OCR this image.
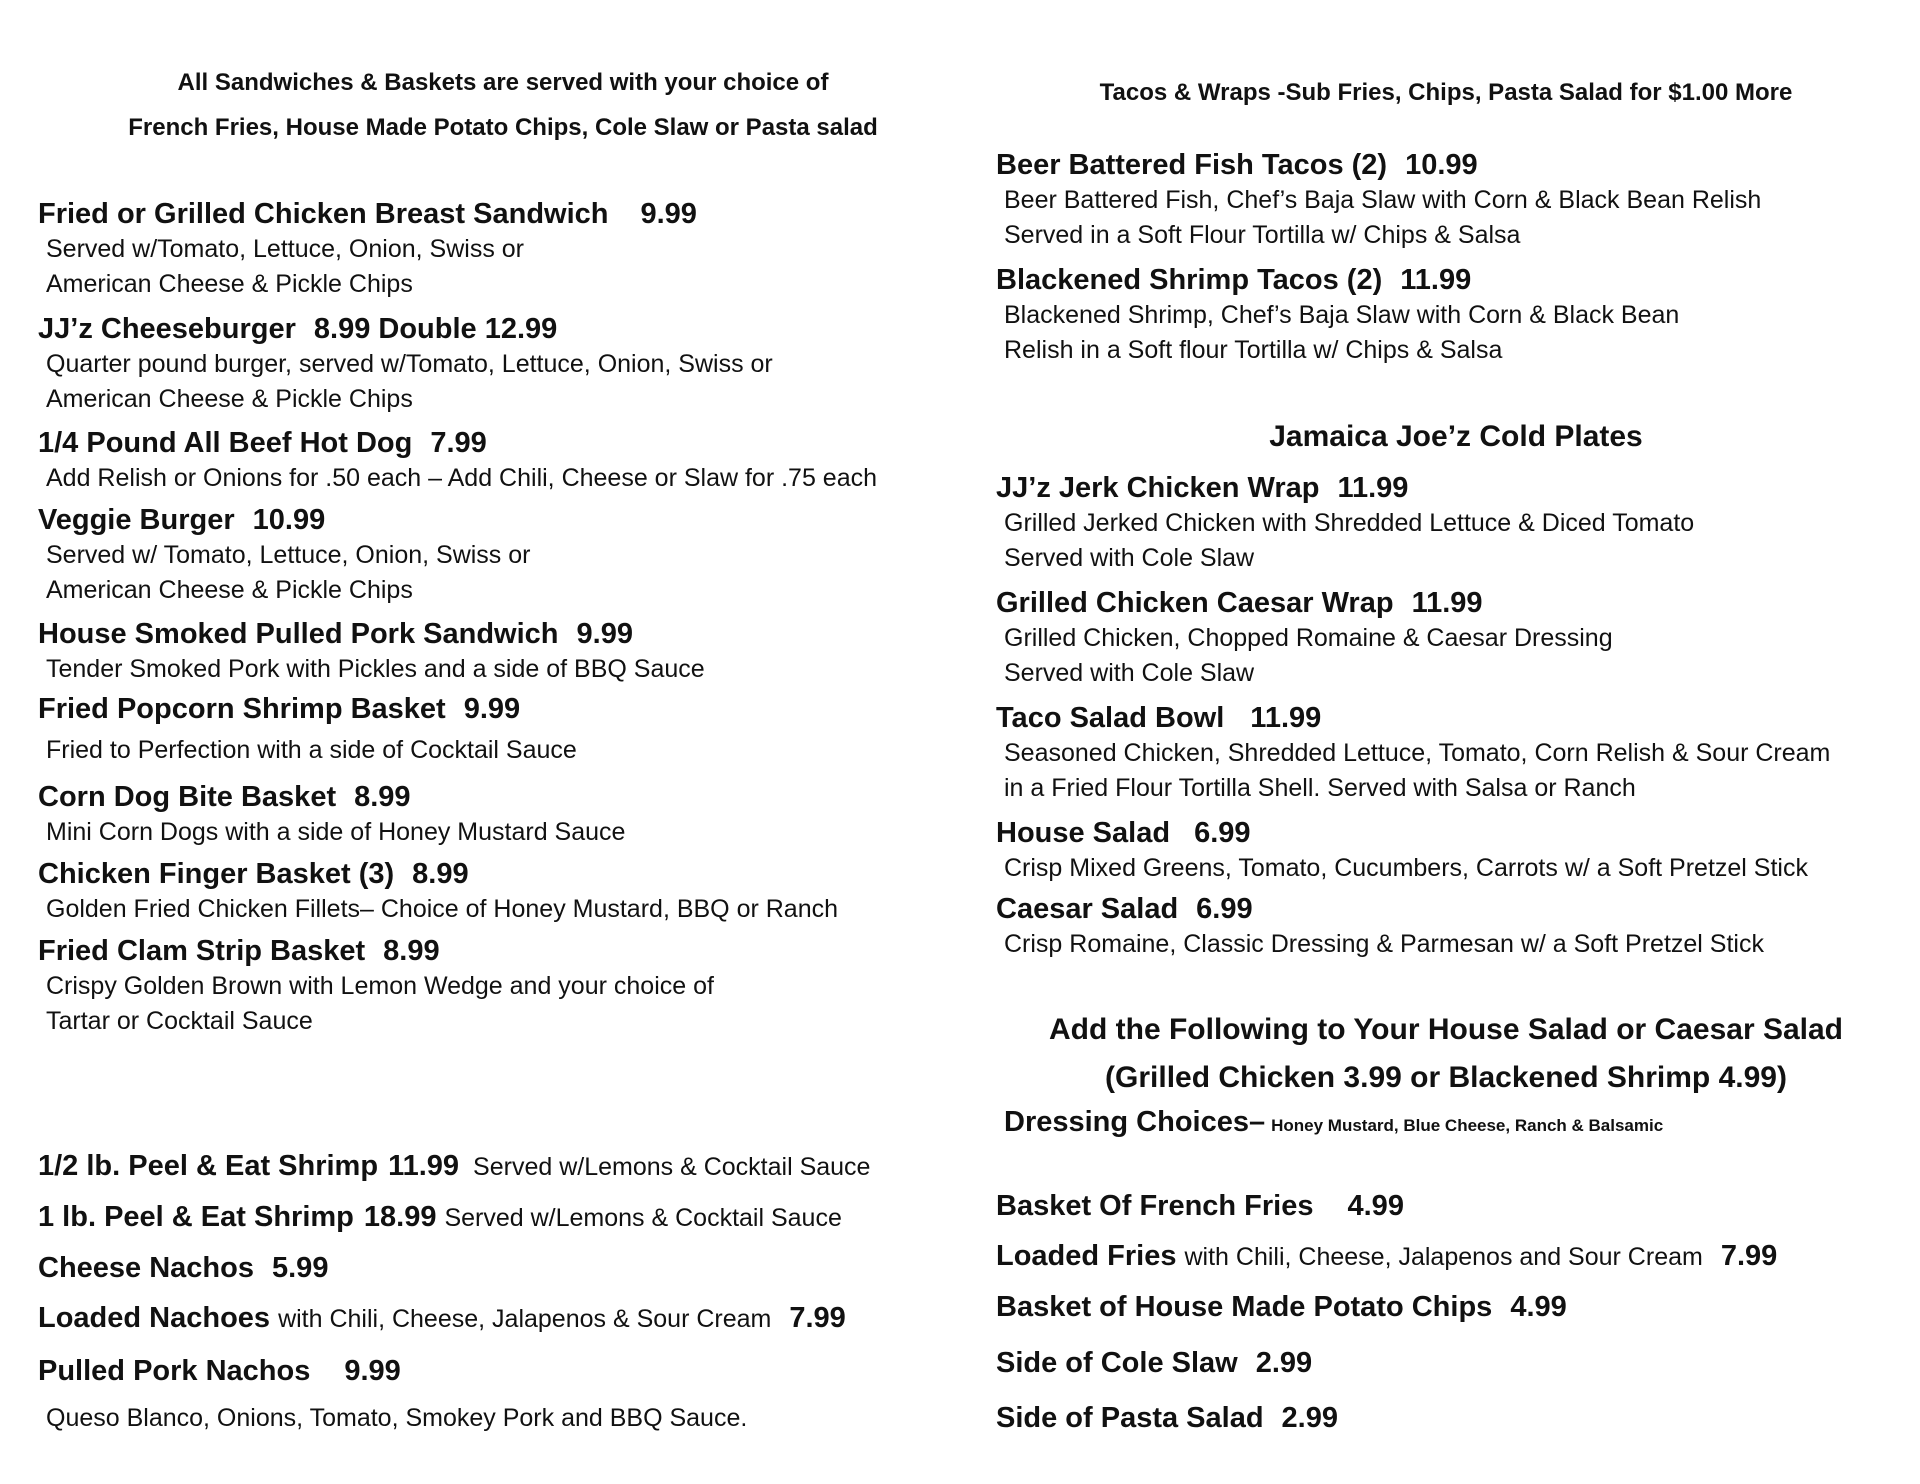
All Sandwiches & Baskets are served with your choice of
French Fries, House Made Potato Chips, Cole Slaw or Pasta salad
Fried or Grilled Chicken Breast Sandwich 9.99
Served w/Tomato, Lettuce, Onion, Swiss or
American Cheese & Pickle Chips
JJ’z Cheeseburger 8.99 Double 12.99
Quarter pound burger, served w/Tomato, Lettuce, Onion, Swiss or
American Cheese & Pickle Chips
1/4 Pound All Beef Hot Dog 7.99
Add Relish or Onions for .50 each – Add Chili, Cheese or Slaw for .75 each
Veggie Burger 10.99
Served w/ Tomato, Lettuce, Onion, Swiss or
American Cheese & Pickle Chips
House Smoked Pulled Pork Sandwich 9.99
Tender Smoked Pork with Pickles and a side of BBQ Sauce
Fried Popcorn Shrimp Basket 9.99
Fried to Perfection with a side of Cocktail Sauce
Corn Dog Bite Basket 8.99
Mini Corn Dogs with a side of Honey Mustard Sauce
Chicken Finger Basket (3) 8.99
Golden Fried Chicken Fillets– Choice of Honey Mustard, BBQ or Ranch
Fried Clam Strip Basket 8.99
Crispy Golden Brown with Lemon Wedge and your choice of
Tartar or Cocktail Sauce
1/2 lb. Peel & Eat Shrimp 11.99 Served w/Lemons & Cocktail Sauce
1 lb. Peel & Eat Shrimp 18.99 Served w/Lemons & Cocktail Sauce
Cheese Nachos 5.99
Loaded Nachoes with Chili, Cheese, Jalapenos & Sour Cream 7.99
Pulled Pork Nachos 9.99
Queso Blanco, Onions, Tomato, Smokey Pork and BBQ Sauce.
Tacos & Wraps -Sub Fries, Chips, Pasta Salad for $1.00 More
Beer Battered Fish Tacos (2) 10.99
Beer Battered Fish, Chef’s Baja Slaw with Corn & Black Bean Relish
Served in a Soft Flour Tortilla w/ Chips & Salsa
Blackened Shrimp Tacos (2) 11.99
Blackened Shrimp, Chef’s Baja Slaw with Corn & Black Bean
Relish in a Soft flour Tortilla w/ Chips & Salsa
Jamaica Joe’z Cold Plates
JJ’z Jerk Chicken Wrap 11.99
Grilled Jerked Chicken with Shredded Lettuce & Diced Tomato
Served with Cole Slaw
Grilled Chicken Caesar Wrap 11.99
Grilled Chicken, Chopped Romaine & Caesar Dressing
Served with Cole Slaw
Taco Salad Bowl 11.99
Seasoned Chicken, Shredded Lettuce, Tomato, Corn Relish & Sour Cream
in a Fried Flour Tortilla Shell. Served with Salsa or Ranch
House Salad 6.99
Crisp Mixed Greens, Tomato, Cucumbers, Carrots w/ a Soft Pretzel Stick
Caesar Salad 6.99
Crisp Romaine, Classic Dressing & Parmesan w/ a Soft Pretzel Stick
Add the Following to Your House Salad or Caesar Salad
(Grilled Chicken 3.99 or Blackened Shrimp 4.99)
Dressing Choices– Honey Mustard, Blue Cheese, Ranch & Balsamic
Basket Of French Fries 4.99
Loaded Fries with Chili, Cheese, Jalapenos and Sour Cream 7.99
Basket of House Made Potato Chips 4.99
Side of Cole Slaw 2.99
Side of Pasta Salad 2.99
